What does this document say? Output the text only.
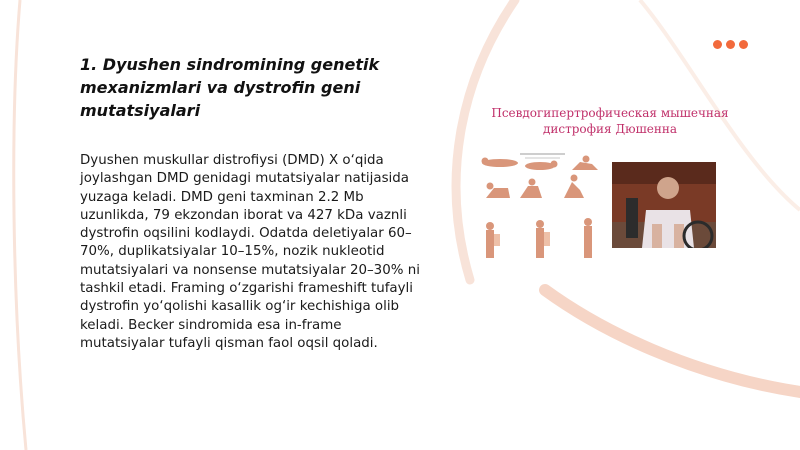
1. Dyushen sindromining genetik mexanizmlari va dystrofin geni mutatsiyalari

Dyushen muskullar distrofiysi (DMD) X o‘qida joylashgan DMD genidagi mutatsiyalar natijasida yuzaga keladi. DMD geni taxminan 2.2 Mb uzunlikda, 79 ekzondan iborat va 427 kDa vaznli dystrofin oqsilini kodlaydi. Odatda deletiyalar 60–70%, duplikatsiyalar 10–15%, nozik nukleotid mutatsiyalari va nonsense mutatsiyalar 20–30% ni tashkil etadi. Framing o‘zgarishi frameshift tufayli dystrofin yo‘qolishi kasallik og‘ir kechishiga olib keladi. Becker sindromida esa in-frame mutatsiyalar tufayli qisman faol oqsil qoladi.

Псевдогипертрофическая мышечная
дистрофия Дюшенна
